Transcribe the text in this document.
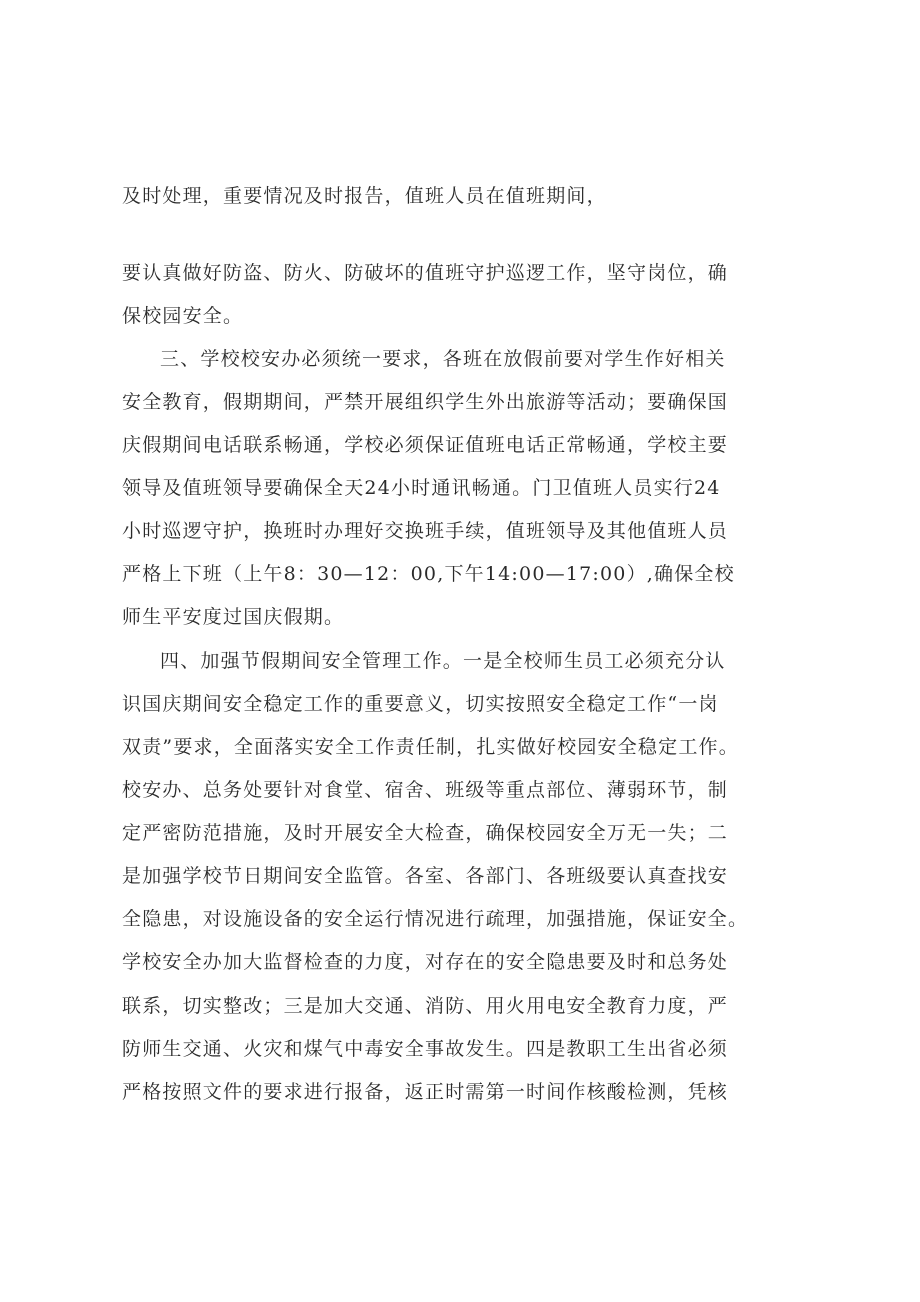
及时处理，重要情况及时报告，值班人员在值班期间，
要认真做好防盗、防火、防破坏的值班守护巡逻工作，坚守岗位，确
保校园安全。
三、学校校安办必须统一要求，各班在放假前要对学生作好相关
安全教育，假期期间，严禁开展组织学生外出旅游等活动；要确保国
庆假期间电话联系畅通，学校必须保证值班电话正常畅通，学校主要
领导及值班领导要确保全天24小时通讯畅通。门卫值班人员实行24
小时巡逻守护，换班时办理好交换班手续，值班领导及其他值班人员
严格上下班（上午8：30—12：00,下午14:00—17:00）,确保全校
师生平安度过国庆假期。
四、加强节假期间安全管理工作。一是全校师生员工必须充分认
识国庆期间安全稳定工作的重要意义，切实按照安全稳定工作“一岗
双责”要求，全面落实安全工作责任制，扎实做好校园安全稳定工作。
校安办、总务处要针对食堂、宿舍、班级等重点部位、薄弱环节，制
定严密防范措施，及时开展安全大检查，确保校园安全万无一失；二
是加强学校节日期间安全监管。各室、各部门、各班级要认真查找安
全隐患，对设施设备的安全运行情况进行疏理，加强措施，保证安全。
学校安全办加大监督检查的力度，对存在的安全隐患要及时和总务处
联系，切实整改；三是加大交通、消防、用火用电安全教育力度，严
防师生交通、火灾和煤气中毒安全事故发生。四是教职工生出省必须
严格按照文件的要求进行报备，返正时需第一时间作核酸检测，凭核
